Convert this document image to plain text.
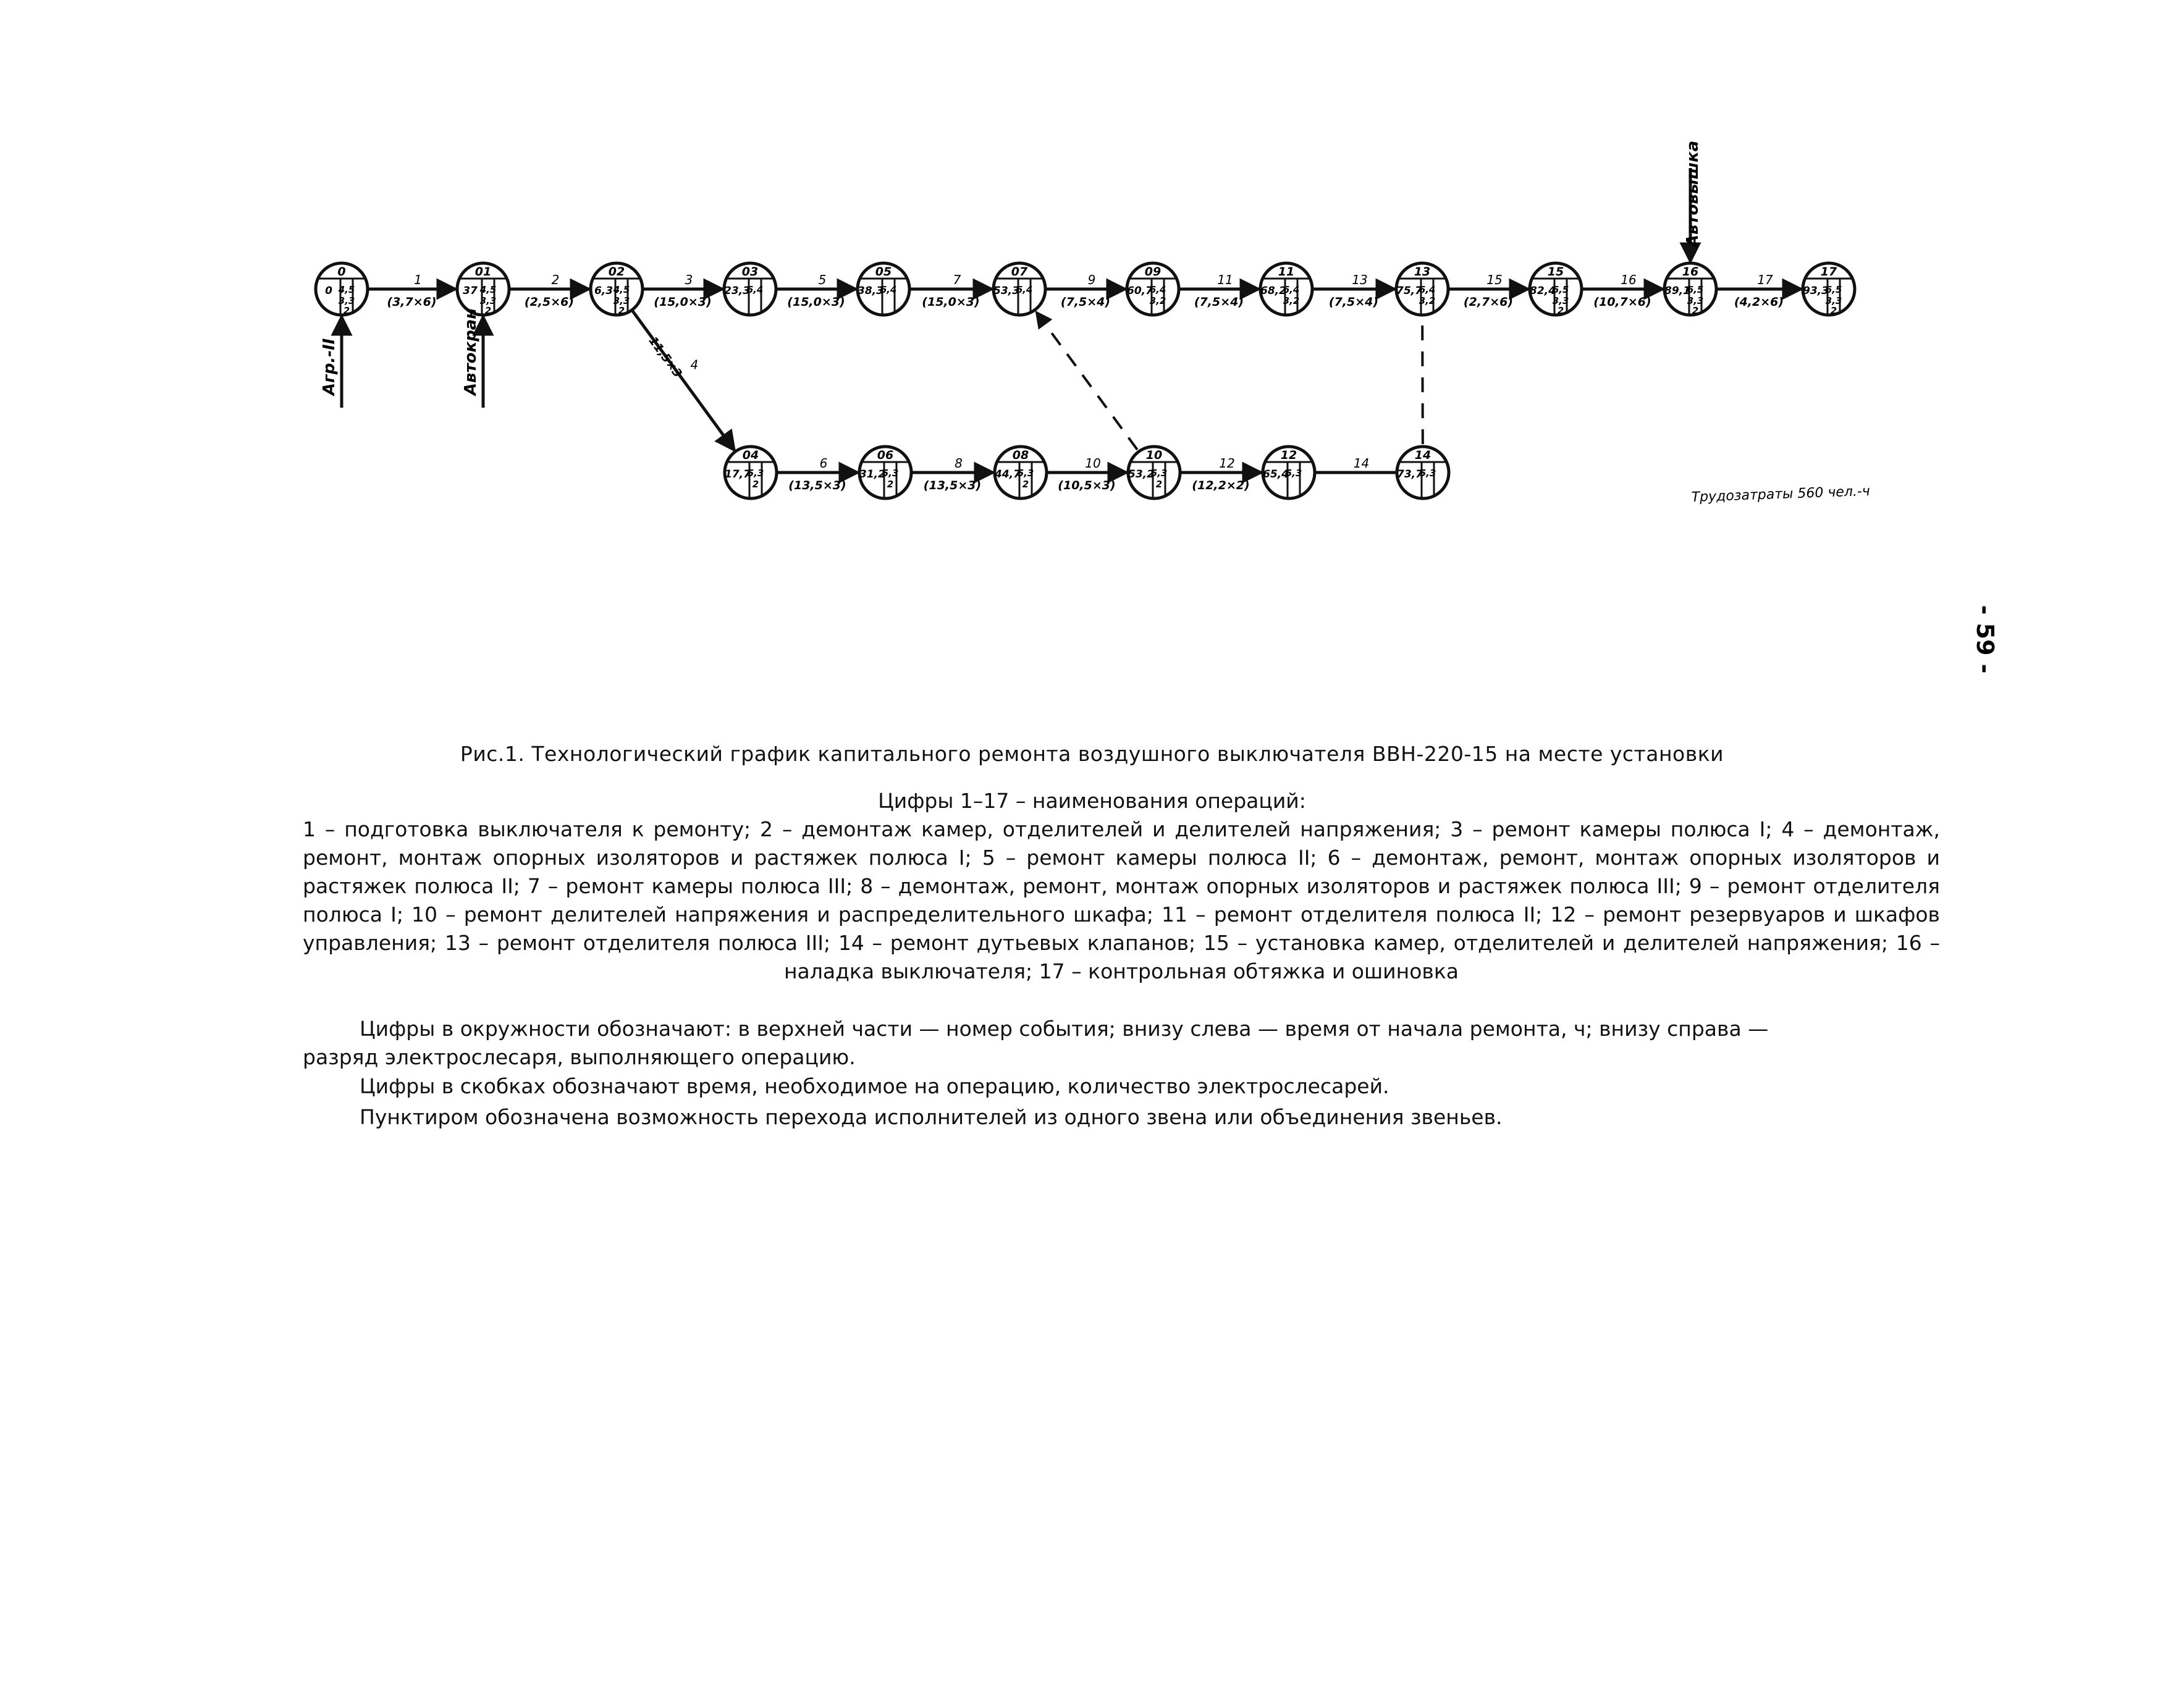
1
(3,7×6)
2
(2,5×6)
3
(15,0×3)
5
(15,0×3)
7
(15,0×3)
9
(7,5×4)
11
(7,5×4)
13
(7,5×4)
15
(2,7×6)
16
(10,7×6)
17
(4,2×6)
4
11,5×3
6
(13,5×3)
8
(13,5×3)
10
(10,5×3)
12
(12,2×2)
14
0
0 4,5
3,3
2
01
37 4,5
3,3
2
02
6,3 4,5
3,3
2
03
23,3
6,4
05
38,3
6,4
07
53,3
6,4
09
60,7
6,4
3,2
11
68,2
6,4
3,2
13
75,7
6,4
3,2
15
82,4
6,5
3,3
2
16
89,1
6,5
3,3
2
17
93,3
6,5
3,3
2
04
17,7
5,3
2
06
31,2
5,3
2
08
44,7
5,3
2
10
53,2
5,3
2
12
65,4
5,3
14
73,7
5,3
Агр.-II	Автокран
Автовышка
Трудозатраты 560 чел.-ч
- 59 -
Рис.1. Технологический график капитального ремонта воздушного выключателя ВВН-220-15 на месте установки
Цифры 1–17 – наименования операций:
1 – подготовка выключателя к ремонту; 2 – демонтаж камер, отделителей и делителей напряжения; 3 – ремонт камеры полюса I; 4 – демонтаж, ремонт, монтаж опорных изоляторов и растяжек полюса I; 5 – ремонт камеры полюса II; 6 – демонтаж, ремонт, монтаж опорных изоляторов и растяжек полюса II; 7 – ремонт камеры полюса III; 8 – демонтаж, ремонт, монтаж опорных изоляторов и растяжек полюса III; 9 – ремонт отделителя полюса I; 10 – ремонт делителей напряжения и распределительного шкафа; 11 – ремонт отделителя полюса II; 12 – ремонт резервуаров и шкафов управления; 13 – ремонт отделителя полюса III; 14 – ремонт дутьевых клапанов; 15 – установка камер, отделителей и делителей напряжения; 16 – наладка выключателя; 17 – контрольная обтяжка и ошиновка
Цифры в окружности обозначают: в верхней части — номер события; внизу слева — время от начала ремонта, ч; внизу справа — разряд электрослесаря, выполняющего операцию.
Цифры в скобках обозначают время, необходимое на операцию, количество электрослесарей.
Пунктиром обозначена возможность перехода исполнителей из одного звена или объединения звеньев.
